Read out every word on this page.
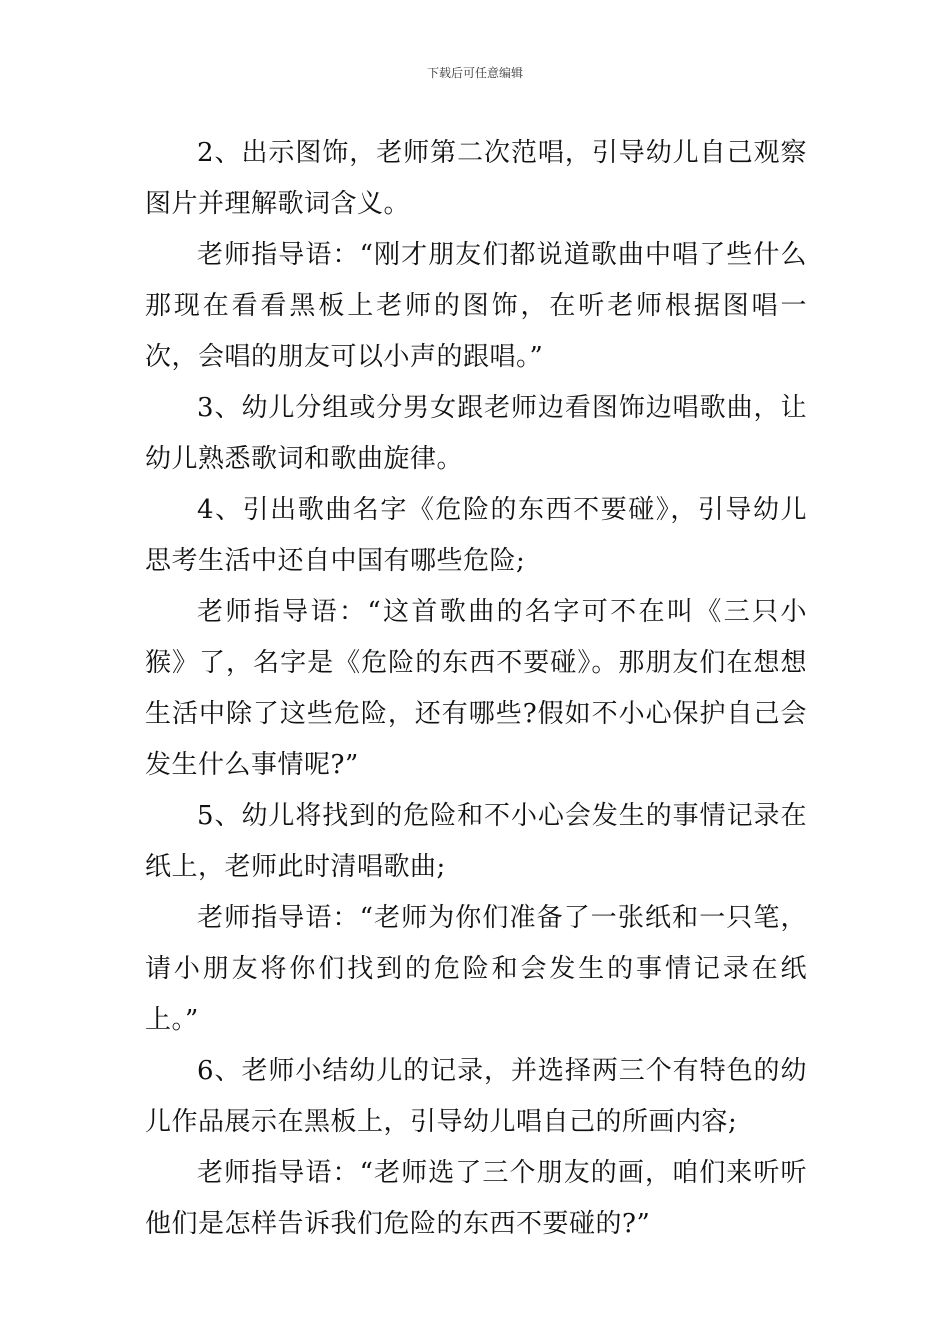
下载后可任意编辑

2、出示图饰，老师第二次范唱，引导幼儿自己观察图片并理解歌词含义。

老师指导语：“刚才朋友们都说道歌曲中唱了些什么那现在看看黑板上老师的图饰，在听老师根据图唱一次，会唱的朋友可以小声的跟唱。”

3、幼儿分组或分男女跟老师边看图饰边唱歌曲，让幼儿熟悉歌词和歌曲旋律。

4、引出歌曲名字《危险的东西不要碰》，引导幼儿思考生活中还自中国有哪些危险;

老师指导语：“这首歌曲的名字可不在叫《三只小猴》了，名字是《危险的东西不要碰》。那朋友们在想想生活中除了这些危险，还有哪些?假如不小心保护自己会发生什么事情呢?”

5、幼儿将找到的危险和不小心会发生的事情记录在纸上，老师此时清唱歌曲;

老师指导语：“老师为你们准备了一张纸和一只笔，请小朋友将你们找到的危险和会发生的事情记录在纸上。”

6、老师小结幼儿的记录，并选择两三个有特色的幼儿作品展示在黑板上，引导幼儿唱自己的所画内容;

老师指导语：“老师选了三个朋友的画，咱们来听听他们是怎样告诉我们危险的东西不要碰的?”
